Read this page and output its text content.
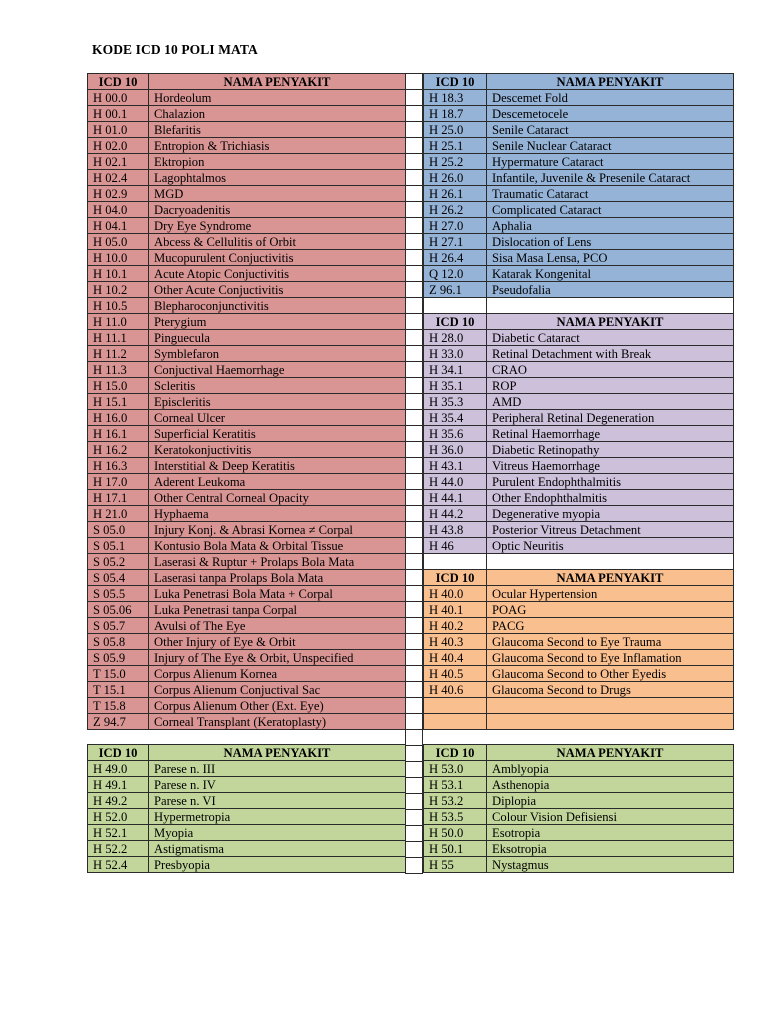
KODE ICD 10 POLI MATA
ICD 10	NAMA PENYAKIT
H 00.0	Hordeolum
H 00.1	Chalazion
H 01.0	Blefaritis
H 02.0	Entropion & Trichiasis
H 02.1	Ektropion
H 02.4	Lagophtalmos
H 02.9	MGD
H 04.0	Dacryoadenitis
H 04.1	Dry Eye Syndrome
H 05.0	Abcess & Cellulitis of Orbit
H 10.0	Mucopurulent Conjuctivitis
H 10.1	Acute Atopic Conjuctivitis
H 10.2	Other Acute Conjuctivitis
H 10.5	Blepharoconjunctivitis
H 11.0	Pterygium
H 11.1	Pinguecula
H 11.2	Symblefaron
H 11.3	Conjuctival Haemorrhage
H 15.0	Scleritis
H 15.1	Episcleritis
H 16.0	Corneal Ulcer
H 16.1	Superficial Keratitis
H 16.2	Keratokonjuctivitis
H 16.3	Interstitial & Deep Keratitis
H 17.0	Aderent Leukoma
H 17.1	Other Central Corneal Opacity
H 21.0	Hyphaema
S 05.0	Injury Konj. & Abrasi Kornea ≠ Corpal
S 05.1	Kontusio Bola Mata & Orbital Tissue
S 05.2	Laserasi & Ruptur + Prolaps Bola Mata
S 05.4	Laserasi tanpa Prolaps Bola Mata
S 05.5	Luka Penetrasi Bola Mata + Corpal
S 05.06	Luka Penetrasi tanpa Corpal
S 05.7	Avulsi of The Eye
S 05.8	Other Injury of Eye & Orbit
S 05.9	Injury of The Eye & Orbit, Unspecified
T 15.0	Corpus Alienum Kornea
T 15.1	Corpus Alienum Conjuctival Sac
T 15.8	Corpus Alienum Other (Ext. Eye)
Z 94.7	Corneal Transplant (Keratoplasty)
ICD 10	NAMA PENYAKIT
H 18.3	Descemet Fold
H 18.7	Descemetocele
H 25.0	Senile Cataract
H 25.1	Senile Nuclear Cataract
H 25.2	Hypermature Cataract
H 26.0	Infantile, Juvenile & Presenile Cataract
H 26.1	Traumatic Cataract
H 26.2	Complicated Cataract
H 27.0	Aphalia
H 27.1	Dislocation of Lens
H 26.4	Sisa Masa Lensa, PCO
Q 12.0	Katarak Kongenital
Z 96.1	Pseudofalia

ICD 10	NAMA PENYAKIT
H 28.0	Diabetic Cataract
H 33.0	Retinal Detachment with Break
H 34.1	CRAO
H 35.1	ROP
H 35.3	AMD
H 35.4	Peripheral Retinal Degeneration
H 35.6	Retinal Haemorrhage
H 36.0	Diabetic Retinopathy
H 43.1	Vitreus Haemorrhage
H 44.0	Purulent Endophthalmitis
H 44.1	Other Endophthalmitis
H 44.2	Degenerative myopia
H 43.8	Posterior Vitreus Detachment
H 46	Optic Neuritis

ICD 10	NAMA PENYAKIT
H 40.0	Ocular Hypertension
H 40.1	POAG
H 40.2	PACG
H 40.3	Glaucoma Second to Eye Trauma
H 40.4	Glaucoma Second to Eye Inflamation
H 40.5	Glaucoma Second to Other Eyedis
H 40.6	Glaucoma Second to Drugs

ICD 10	NAMA PENYAKIT
H 49.0	Parese n. III
H 49.1	Parese n. IV
H 49.2	Parese n. VI
H 52.0	Hypermetropia
H 52.1	Myopia
H 52.2	Astigmatisma
H 52.4	Presbyopia
ICD 10	NAMA PENYAKIT
H 53.0	Amblyopia
H 53.1	Asthenopia
H 53.2	Diplopia
H 53.5	Colour Vision Defisiensi
H 50.0	Esotropia
H 50.1	Eksotropia
H 55	Nystagmus
